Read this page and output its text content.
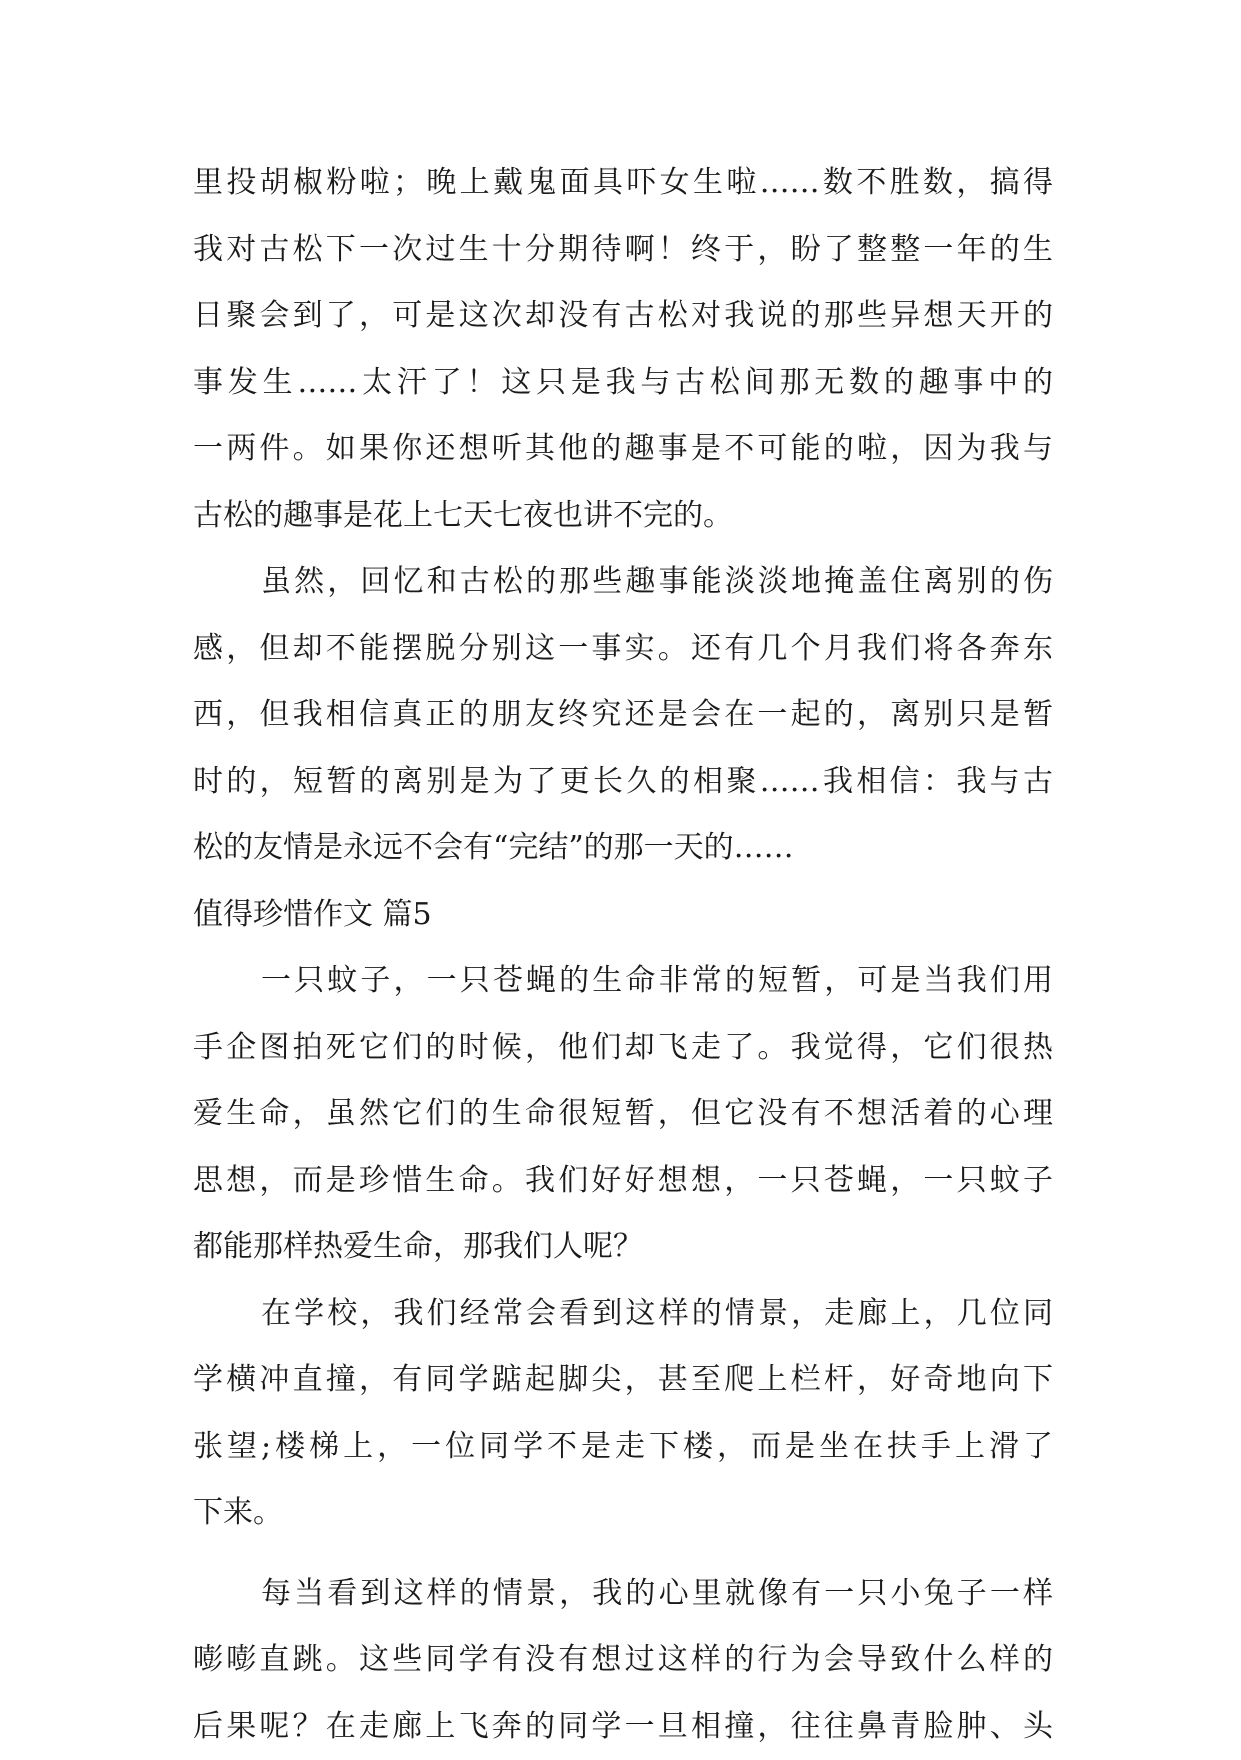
里投胡椒粉啦；晚上戴鬼面具吓女生啦……数不胜数，搞得
我对古松下一次过生十分期待啊！终于，盼了整整一年的生
日聚会到了，可是这次却没有古松对我说的那些异想天开的
事发生……太汗了！这只是我与古松间那无数的趣事中的
一两件。如果你还想听其他的趣事是不可能的啦，因为我与
古松的趣事是花上七天七夜也讲不完的。
虽然，回忆和古松的那些趣事能淡淡地掩盖住离别的伤
感，但却不能摆脱分别这一事实。还有几个月我们将各奔东
西，但我相信真正的朋友终究还是会在一起的，离别只是暂
时的，短暂的离别是为了更长久的相聚……我相信：我与古
松的友情是永远不会有“完结”的那一天的……
值得珍惜作文 篇5
一只蚊子，一只苍蝇的生命非常的短暂，可是当我们用
手企图拍死它们的时候，他们却飞走了。我觉得，它们很热
爱生命，虽然它们的生命很短暂，但它没有不想活着的心理
思想，而是珍惜生命。我们好好想想，一只苍蝇，一只蚊子
都能那样热爱生命，那我们人呢？
在学校，我们经常会看到这样的情景，走廊上，几位同
学横冲直撞，有同学踮起脚尖，甚至爬上栏杆，好奇地向下
张望;楼梯上，一位同学不是走下楼，而是坐在扶手上滑了
下来。
每当看到这样的情景，我的心里就像有一只小兔子一样
嘭嘭直跳。这些同学有没有想过这样的行为会导致什么样的
后果呢？在走廊上飞奔的同学一旦相撞，往往鼻青脸肿、头
